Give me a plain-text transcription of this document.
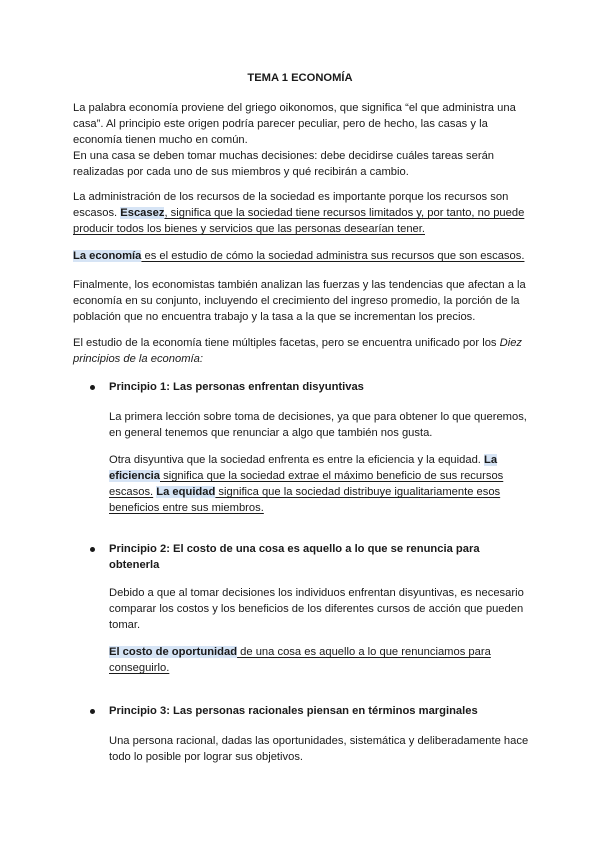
TEMA 1 ECONOMÍA
La palabra economía proviene del griego oikonomos, que significa “el que administra una
casa”. Al principio este origen podría parecer peculiar, pero de hecho, las casas y la
economía tienen mucho en común.
En una casa se deben tomar muchas decisiones: debe decidirse cuáles tareas serán
realizadas por cada uno de sus miembros y qué recibirán a cambio.
La administración de los recursos de la sociedad es importante porque los recursos son
escasos. Escasez, significa que la sociedad tiene recursos limitados y, por tanto, no puede
producir todos los bienes y servicios que las personas desearían tener.
La economía es el estudio de cómo la sociedad administra sus recursos que son escasos.
Finalmente, los economistas también analizan las fuerzas y las tendencias que afectan a la
economía en su conjunto, incluyendo el crecimiento del ingreso promedio, la porción de la
población que no encuentra trabajo y la tasa a la que se incrementan los precios.
El estudio de la economía tiene múltiples facetas, pero se encuentra unificado por los Diez
principios de la economía:
Principio 1: Las personas enfrentan disyuntivas
La primera lección sobre toma de decisiones, ya que para obtener lo que queremos,
en general tenemos que renunciar a algo que también nos gusta.
Otra disyuntiva que la sociedad enfrenta es entre la eficiencia y la equidad. La
eficiencia significa que la sociedad extrae el máximo beneficio de sus recursos
escasos. La equidad significa que la sociedad distribuye igualitariamente esos
beneficios entre sus miembros.
Principio 2: El costo de una cosa es aquello a lo que se renuncia para
obtenerla
Debido a que al tomar decisiones los individuos enfrentan disyuntivas, es necesario
comparar los costos y los beneficios de los diferentes cursos de acción que pueden
tomar.
El costo de oportunidad de una cosa es aquello a lo que renunciamos para
conseguirlo.
Principio 3: Las personas racionales piensan en términos marginales
Una persona racional, dadas las oportunidades, sistemática y deliberadamente hace
todo lo posible por lograr sus objetivos.
